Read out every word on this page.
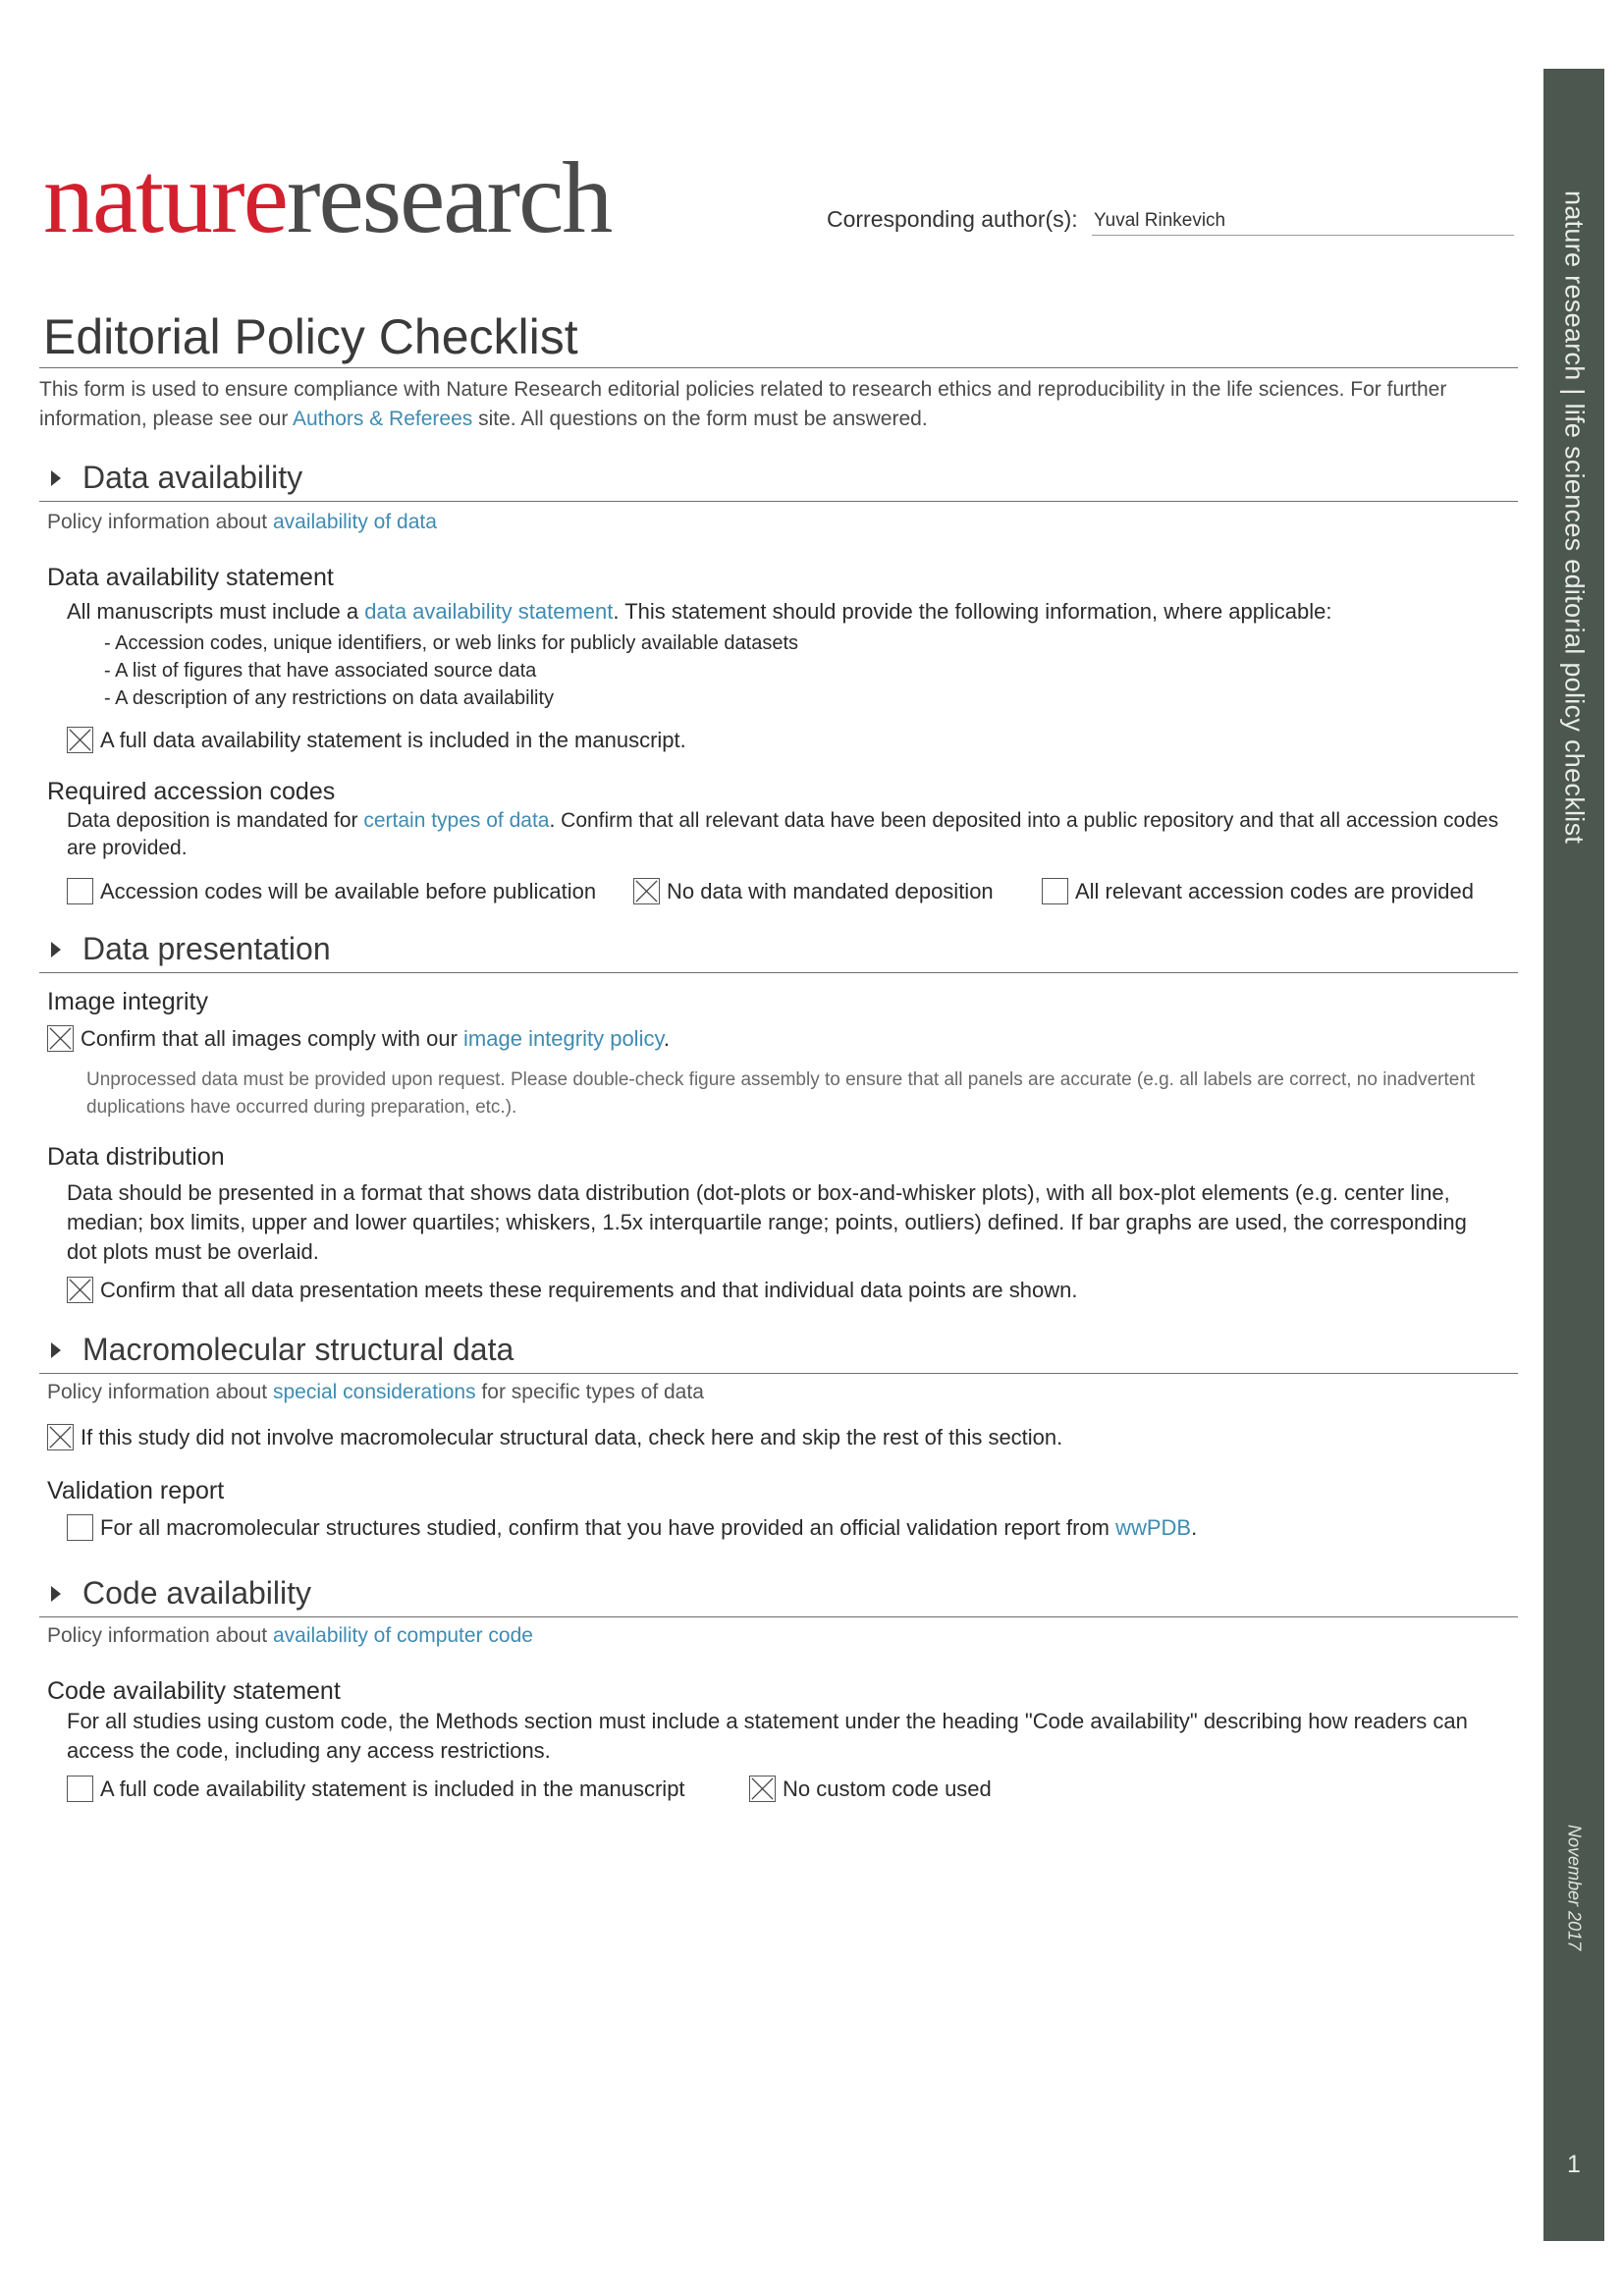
natureresearch	Corresponding author(s): Yuval Rinkevich
Editorial Policy Checklist

This form is used to ensure compliance with Nature Research editorial policies related to research ethics and reproducibility in the life sciences. For further information, please see our Authors & Referees site. All questions on the form must be answered.

Data availability
Policy information about availability of data
Data availability statement

All manuscripts must include a data availability statement. This statement should provide the following information, where applicable:

- Accession codes, unique identifiers, or web links for publicly available datasets
- A list of figures that have associated source data
- A description of any restrictions on data availability
A full data availability statement is included in the manuscript.
Required accession codes

Data deposition is mandated for certain types of data. Confirm that all relevant data have been deposited into a public repository and that all accession codes are provided.

Accession codes will be available before publication	No data with mandated deposition	All relevant accession codes are provided
Data presentation
Image integrity
Confirm that all images comply with our image integrity policy.

Unprocessed data must be provided upon request. Please double-check figure assembly to ensure that all panels are accurate (e.g. all labels are correct, no inadvertent duplications have occurred during preparation, etc.).

Data distribution

Data should be presented in a format that shows data distribution (dot-plots or box-and-whisker plots), with all box-plot elements (e.g. center line, median; box limits, upper and lower quartiles; whiskers, 1.5x interquartile range; points, outliers) defined. If bar graphs are used, the corresponding dot plots must be overlaid.

Confirm that all data presentation meets these requirements and that individual data points are shown.
Macromolecular structural data
Policy information about special considerations for specific types of data
If this study did not involve macromolecular structural data, check here and skip the rest of this section.
Validation report
For all macromolecular structures studied, confirm that you have provided an official validation report from wwPDB.
Code availability
Policy information about availability of computer code
Code availability statement

For all studies using custom code, the Methods section must include a statement under the heading "Code availability" describing how readers can access the code, including any access restrictions.

A full code availability statement is included in the manuscript	No custom code used
nature research | life sciences editorial policy checklist
November 2017
1
